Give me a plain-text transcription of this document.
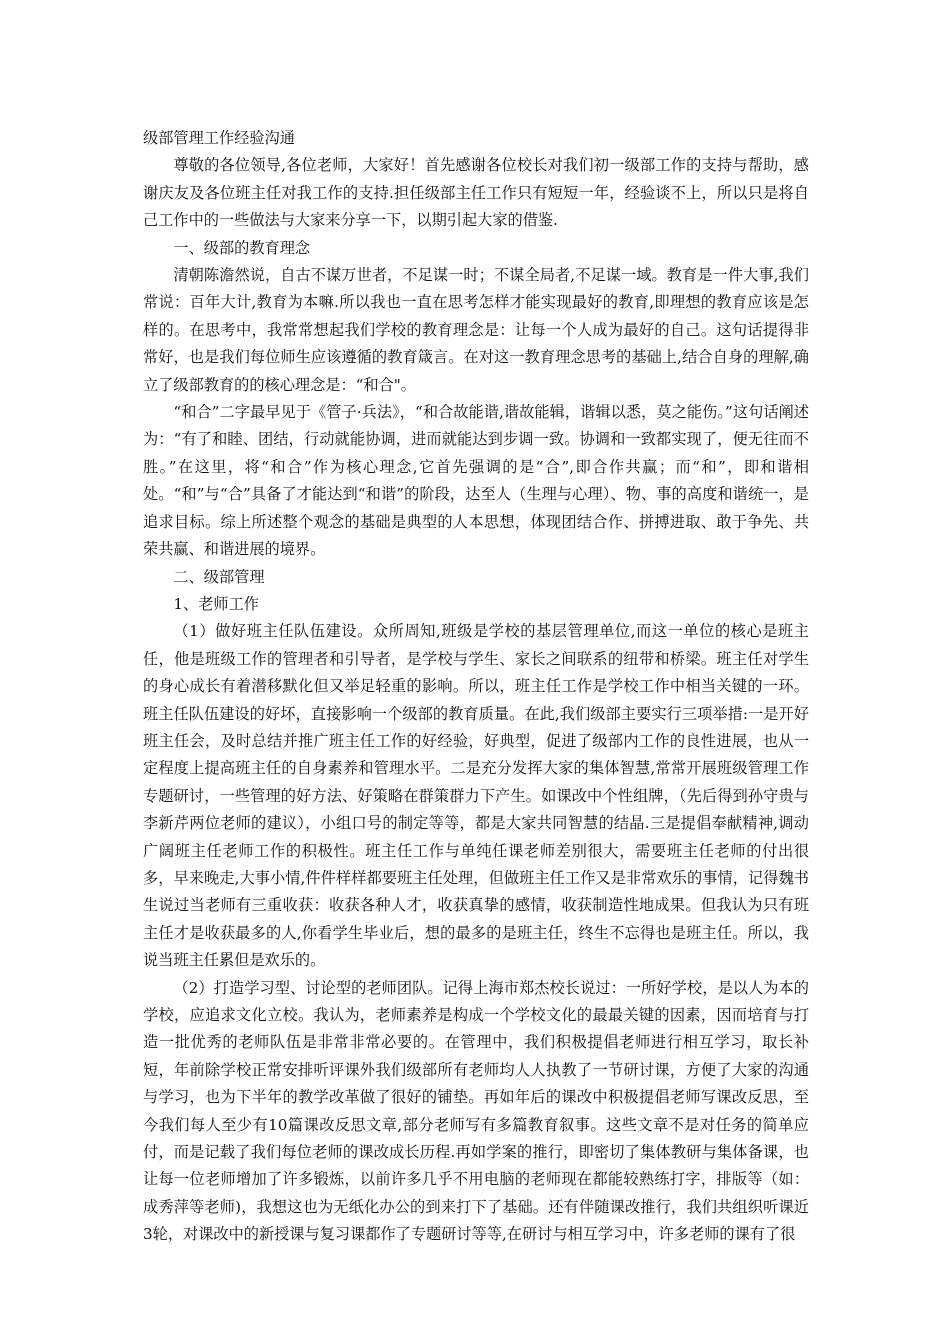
级部管理工作经验沟通

尊敬的各位领导,各位老师，大家好！首先感谢各位校长对我们初一级部工作的支持与帮助，感谢庆友及各位班主任对我工作的支持.担任级部主任工作只有短短一年，经验谈不上，所以只是将自己工作中的一些做法与大家来分享一下，以期引起大家的借鉴.

一、级部的教育理念

清朝陈澹然说，自古不谋万世者，不足谋一时；不谋全局者,不足谋一域。教育是一件大事,我们常说：百年大计,教育为本嘛.所以我也一直在思考怎样才能实现最好的教育,即理想的教育应该是怎样的。在思考中，我常常想起我们学校的教育理念是：让每一个人成为最好的自己。这句话提得非常好，也是我们每位师生应该遵循的教育箴言。在对这一教育理念思考的基础上,结合自身的理解,确立了级部教育的的核心理念是：“和合"。

“和合”二字最早见于《管子·兵法》，“和合故能谐,谐故能辑，谐辑以悉，莫之能伤。”这句话阐述为：“有了和睦、团结，行动就能协调，进而就能达到步调一致。协调和一致都实现了，便无往而不胜。”在这里，将“和合”作为核心理念,它首先强调的是“合”,即合作共赢；而“和”，即和谐相处。“和”与“合”具备了才能达到“和谐”的阶段，达至人（生理与心理）、物、事的高度和谐统一，是追求目标。综上所述整个观念的基础是典型的人本思想，体现团结合作、拼搏进取、敢于争先、共荣共赢、和谐进展的境界。

二、级部管理

1、老师工作

（1）做好班主任队伍建设。众所周知,班级是学校的基层管理单位,而这一单位的核心是班主任，他是班级工作的管理者和引导者，是学校与学生、家长之间联系的纽带和桥梁。班主任对学生的身心成长有着潜移默化但又举足轻重的影响。所以，班主任工作是学校工作中相当关键的一环。班主任队伍建设的好坏，直接影响一个级部的教育质量。在此,我们级部主要实行三项举措:一是开好班主任会，及时总结并推广班主任工作的好经验，好典型，促进了级部内工作的良性进展，也从一定程度上提高班主任的自身素养和管理水平。二是充分发挥大家的集体智慧,常常开展班级管理工作专题研讨，一些管理的好方法、好策略在群策群力下产生。如课改中个性组牌，（先后得到孙守贵与李新芹两位老师的建议），小组口号的制定等等，都是大家共同智慧的结晶.三是提倡奉献精神,调动广阔班主任老师工作的积极性。班主任工作与单纯任课老师差别很大，需要班主任老师的付出很多，早来晚走,大事小情,件件样样都要班主任处理，但做班主任工作又是非常欢乐的事情，记得魏书生说过当老师有三重收获：收获各种人才，收获真挚的感情，收获制造性地成果。但我认为只有班主任才是收获最多的人,你看学生毕业后，想的最多的是班主任，终生不忘得也是班主任。所以，我说当班主任累但是欢乐的。

（2）打造学习型、讨论型的老师团队。记得上海市郑杰校长说过：一所好学校，是以人为本的学校，应追求文化立校。我认为，老师素养是构成一个学校文化的最最关键的因素，因而培育与打造一批优秀的老师队伍是非常非常必要的。在管理中，我们积极提倡老师进行相互学习，取长补短，年前除学校正常安排听评课外我们级部所有老师均人人执教了一节研讨课，方便了大家的沟通与学习，也为下半年的教学改革做了很好的铺垫。再如年后的课改中积极提倡老师写课改反思，至今我们每人至少有10篇课改反思文章,部分老师写有多篇教育叙事。这些文章不是对任务的简单应付，而是记载了我们每位老师的课改成长历程.再如学案的推行，即密切了集体教研与集体备课，也让每一位老师增加了许多锻炼，以前许多几乎不用电脑的老师现在都能较熟练打字，排版等（如：成秀萍等老师)，我想这也为无纸化办公的到来打下了基础。还有伴随课改推行，我们共组织听课近3轮，对课改中的新授课与复习课都作了专题研讨等等,在研讨与相互学习中，许多老师的课有了很
